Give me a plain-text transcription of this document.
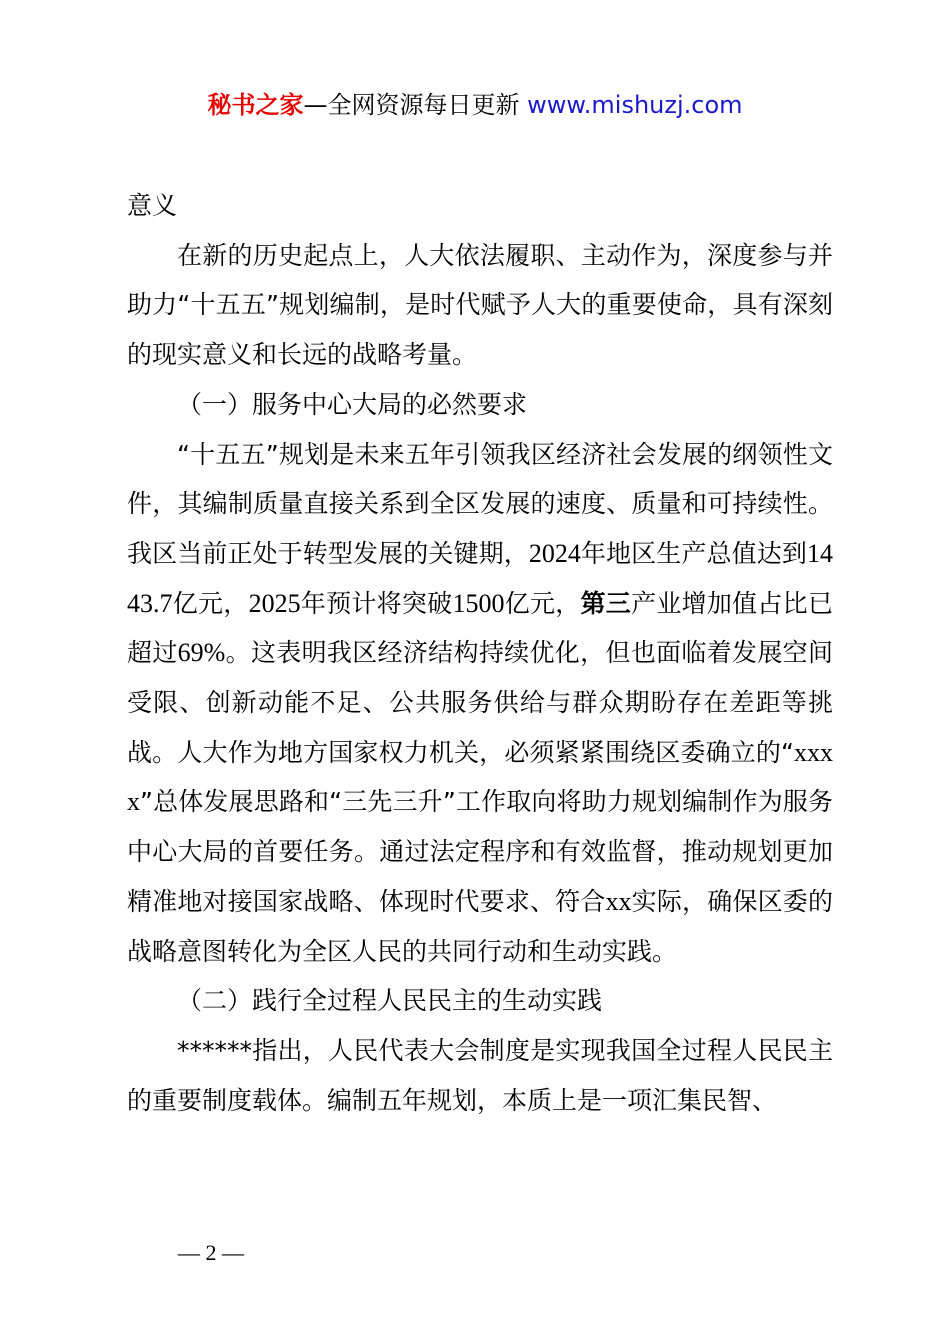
秘书之家—全网资源每日更新 www.mishuzj.com

意义

在新的历史起点上，人大依法履职、主动作为，深度参与并助力“十五五”规划编制，是时代赋予人大的重要使命，具有深刻的现实意义和长远的战略考量。

（一）服务中心大局的必然要求

“十五五”规划是未来五年引领我区经济社会发展的纲领性文件，其编制质量直接关系到全区发展的速度、质量和可持续性。我区当前正处于转型发展的关键期，2024年地区生产总值达到1443.7亿元，2025年预计将突破1500亿元，第三产业增加值占比已超过69%。这表明我区经济结构持续优化，但也面临着发展空间受限、创新动能不足、公共服务供给与群众期盼存在差距等挑战。人大作为地方国家权力机关，必须紧紧围绕区委确立的“xxxx”总体发展思路和“三先三升”工作取向将助力规划编制作为服务中心大局的首要任务。通过法定程序和有效监督，推动规划更加精准地对接国家战略、体现时代要求、符合xx实际，确保区委的战略意图转化为全区人民的共同行动和生动实践。

（二）践行全过程人民民主的生动实践

******指出，人民代表大会制度是实现我国全过程人民民主的重要制度载体。编制五年规划，本质上是一项汇集民智、

— 2 —
